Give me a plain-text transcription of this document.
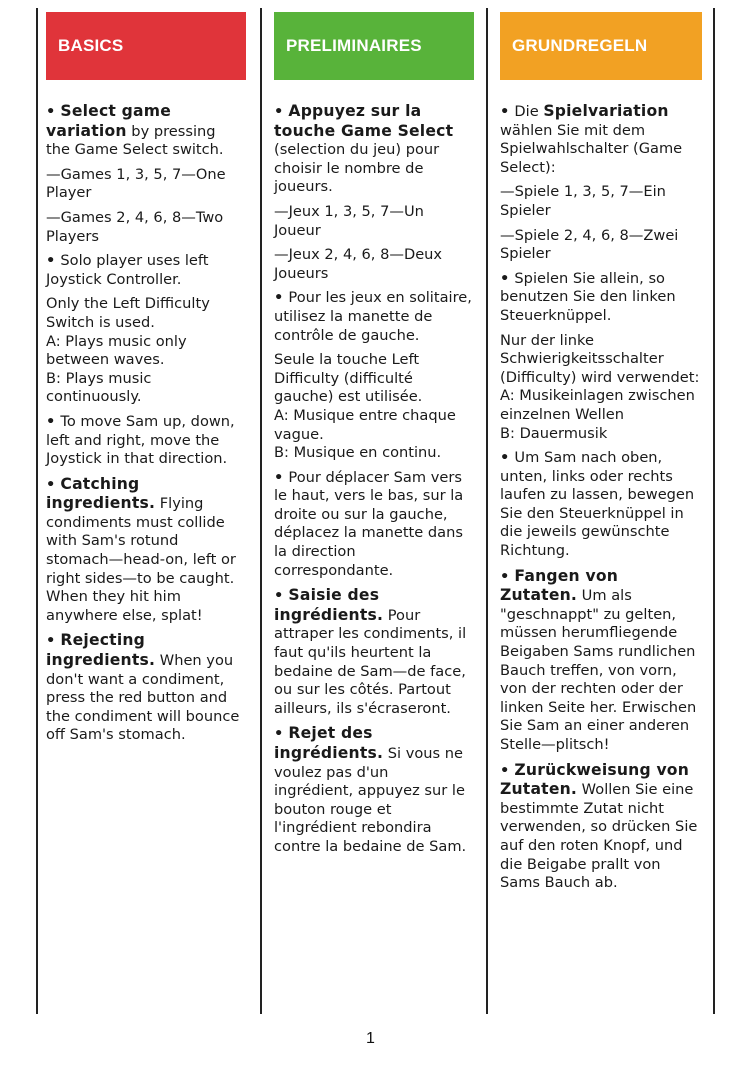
BASICS

• Select game variation by pressing the Game Select switch.

—Games 1, 3, 5, 7—One Player

—Games 2, 4, 6, 8—Two Players

• Solo player uses left Joystick Controller.

Only the Left Difficulty Switch is used.
A: Plays music only between waves.
B: Plays music continuously.

• To move Sam up, down, left and right, move the Joystick in that direction.

• Catching ingredients. Flying condiments must collide with Sam's rotund stomach—head-on, left or right sides—to be caught. When they hit him anywhere else, splat!

• Rejecting ingredients. When you don't want a condiment, press the red button and the condiment will bounce off Sam's stomach.

PRELIMINAIRES

• Appuyez sur la touche Game Select (selection du jeu) pour choisir le nombre de joueurs.

—Jeux 1, 3, 5, 7—Un Joueur

—Jeux 2, 4, 6, 8—Deux Joueurs

• Pour les jeux en solitaire, utilisez la manette de contrôle de gauche.

Seule la touche Left Difficulty (difficulté gauche) est utilisée.
A: Musique entre chaque vague.
B: Musique en continu.

• Pour déplacer Sam vers le haut, vers le bas, sur la droite ou sur la gauche, déplacez la manette dans la direction correspondante.

• Saisie des ingrédients. Pour attraper les condiments, il faut qu'ils heurtent la bedaine de Sam—de face, ou sur les côtés. Partout ailleurs, ils s'écraseront.

• Rejet des ingrédients. Si vous ne voulez pas d'un ingrédient, appuyez sur le bouton rouge et l'ingrédient rebondira contre la bedaine de Sam.

GRUNDREGELN

• Die Spielvariation wählen Sie mit dem Spielwahlschalter (Game Select):

—Spiele 1, 3, 5, 7—Ein Spieler

—Spiele 2, 4, 6, 8—Zwei Spieler

• Spielen Sie allein, so benutzen Sie den linken Steuerknüppel.

Nur der linke Schwierigkeitsschalter (Difficulty) wird verwendet:
A: Musikeinlagen zwischen einzelnen Wellen
B: Dauermusik

• Um Sam nach oben, unten, links oder rechts laufen zu lassen, bewegen Sie den Steuerknüppel in die jeweils gewünschte Richtung.

• Fangen von Zutaten. Um als "geschnappt" zu gelten, müssen herumfliegende Beigaben Sams rundlichen Bauch treffen, von vorn, von der rechten oder der linken Seite her. Erwischen Sie Sam an einer anderen Stelle—plitsch!

• Zurückweisung von Zutaten. Wollen Sie eine bestimmte Zutat nicht verwenden, so drücken Sie auf den roten Knopf, und die Beigabe prallt von Sams Bauch ab.

1
